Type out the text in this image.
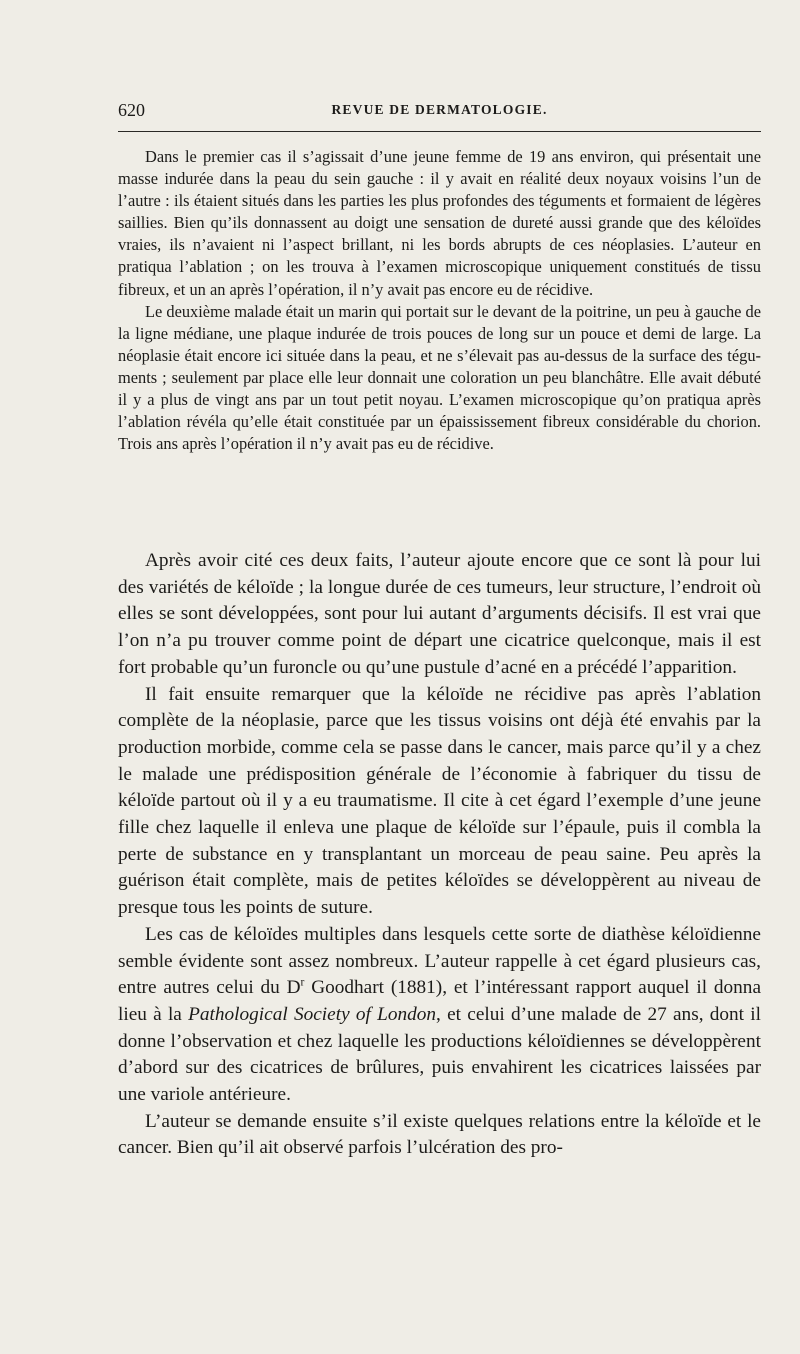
620	REVUE DE DERMATOLOGIE.

Dans le premier cas il s’agissait d’une jeune femme de 19 ans environ, qui présentait une masse indurée dans la peau du sein gauche : il y avait en réalité deux noyaux voisins l’un de l’autre : ils étaient situés dans les parties les plus profondes des téguments et formaient de légères saillies. Bien qu’ils donnassent au doigt une sensation de dureté aussi grande que des kéloïdes vraies, ils n’avaient ni l’aspect brillant, ni les bords abrupts de ces néoplasies. L’auteur en pratiqua l’ablation ; on les trouva à l’examen microscopique uniquement constitués de tissu fibreux, et un an après l’opération, il n’y avait pas encore eu de récidive.

Le deuxième malade était un marin qui portait sur le devant de la poitrine, un peu à gauche de la ligne médiane, une plaque indurée de trois pouces de long sur un pouce et demi de large. La néoplasie était encore ici située dans la peau, et ne s’élevait pas au-dessus de la surface des téguments ; seulement par place elle leur donnait une coloration un peu blanchâtre. Elle avait débuté il y a plus de vingt ans par un tout petit noyau. L’examen microscopique qu’on pratiqua après l’ablation révéla qu’elle était constituée par un épaississement fibreux considérable du chorion. Trois ans après l’opération il n’y avait pas eu de récidive.

Après avoir cité ces deux faits, l’auteur ajoute encore que ce sont là pour lui des variétés de kéloïde ; la longue durée de ces tumeurs, leur structure, l’endroit où elles se sont développées, sont pour lui autant d’arguments décisifs. Il est vrai que l’on n’a pu trouver comme point de départ une cicatrice quelconque, mais il est fort probable qu’un furoncle ou qu’une pustule d’acné en a précédé l’apparition.

Il fait ensuite remarquer que la kéloïde ne récidive pas après l’ablation complète de la néoplasie, parce que les tissus voisins ont déjà été envahis par la production morbide, comme cela se passe dans le cancer, mais parce qu’il y a chez le malade une prédisposition générale de l’économie à fabriquer du tissu de kéloïde partout où il y a eu traumatisme. Il cite à cet égard l’exemple d’une jeune fille chez laquelle il enleva une plaque de kéloïde sur l’épaule, puis il combla la perte de substance en y transplantant un morceau de peau saine. Peu après la guérison était complète, mais de petites kéloïdes se développèrent au niveau de presque tous les points de suture.

Les cas de kéloïdes multiples dans lesquels cette sorte de diathèse kéloïdienne semble évidente sont assez nombreux. L’auteur rappelle à cet égard plusieurs cas, entre autres celui du $D^r$ Goodhart (1881), et l’intéressant rapport auquel il donna lieu à la Pathological Society of London, et celui d’une malade de 27 ans, dont il donne l’observation et chez laquelle les productions kéloïdiennes se développèrent d’abord sur des cicatrices de brûlures, puis envahirent les cicatrices laissées par une variole antérieure.

L’auteur se demande ensuite s’il existe quelques relations entre la kéloïde et le cancer. Bien qu’il ait observé parfois l’ulcération des pro-
